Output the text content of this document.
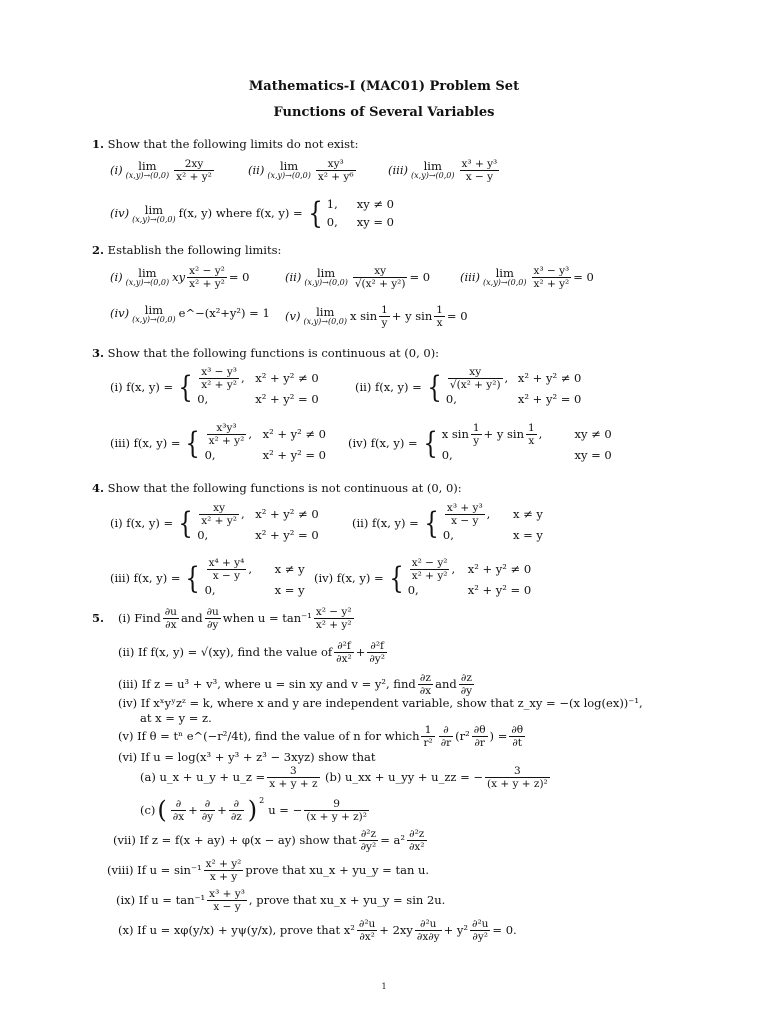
Mathematics-I (MAC01) Problem Set
Functions of Several Variables
1. Show that the following limits do not exist:
(i) lim
$(x,y)\to(0,0) \frac{2xy}{\text{x² + y²}}$	(ii) lim
$(x,y)\to(0,0) \frac{\text{xy³}}{\text{x² + y⁶}}$	(iii) lim
$(x,y)\to(0,0) \frac{\text{x³ + y³}}{x - y}$
(iv) lim
(x,y)→(0,0) f(x, y) where f(x, y) = { 1,	xy ≠ 0
0,	xy = 0
2. Establish the following limits:
(i) lim
(x,y)→(0,0) xy $\frac{\text{x² − y²}}{\text{x² + y²}} = 0$	(ii) lim
$(x,y)\to(0,0) \frac{xy}{\text{√(x² + y²)}} = 0$	(iii) lim
$(x,y)\to(0,0) \frac{\text{x³ − y³}}{\text{x² + y²}} = 0$
(iv) lim
(x,y)→(0,0) e^−(x²+y²) = 1 (v) lim
(x,y)→(0,0) x $\sin \frac{1}{y} + y$ $\sin \frac{1}{x} = 0$
3. Show that the following functions is continuous at (0, 0):
(i) f(x, y) = { $\frac{\text{x³ − y³}}{\text{x² + y²}}$ , x² + y² ≠ 0
0,	x² + y² = 0
(ii) f(x, y) = { $\frac{xy}{\text{√(x² + y²)}}$ , x² + y² ≠ 0
0,	x² + y² = 0
(iii) f(x, y) = { $\frac{\text{x³y³}}{\text{x² + y²}}$ , x² + y² ≠ 0
0,	x² + y² = 0
(iv) f(x, y) = { x $\sin \frac{1}{y} + y$ $\sin \frac{1}{x}$ ,	xy ≠ 0
0,	xy = 0
4. Show that the following functions is not continuous at (0, 0):
(i) f(x, y) = { $\frac{xy}{\text{x² + y²}}$ , x² + y² ≠ 0
0,	x² + y² = 0
(ii) f(x, y) = { $\frac{\text{x³ + y³}}{x - y}$ ,	x ≠ y
0,	x = y
(iii) f(x, y) = { $\frac{\text{x⁴ + y⁴}}{x - y}$ ,	x ≠ y
0,	x = y
(iv) f(x, y) = { $\frac{\text{x² − y²}}{\text{x² + y²}}$ ,	x² + y² ≠ 0
0,	x² + y² = 0
5.	(i) Find $\frac{\partial u}{\partial x}$ and $\frac{\partial u}{\partial y}$ when $u = \tan^{-1} \frac{\text{x² − y²}}{\text{x² + y²}}$
(ii) If f(x, y) = √(xy), find the value of $\frac{\text{∂²f}}{\text{∂x²}} + \frac{\text{∂²f}}{\text{∂y²}}$
(iii) If z = u³ + v³, where u = sin xy and v = y², find $\frac{\partial z}{\partial x}$ and $\frac{\partial z}{\partial y}$
(iv) If xˣyʸzᶻ = k, where x and y are independent variable, show that z_xy = −(x log(ex))⁻¹,
at x = y = z.
(v) If θ = tⁿ e^(−r²/4t), find the value of n for which $\frac{1}{\text{r²}} \frac{\partial}{\partial r} (r^2 \frac{\partial\theta}{\partial r}$ ) = $\frac{\partial\theta}{\partial t}$
(vi) If u = log(x³ + y³ + z³ − 3xyz) show that
(a) u_x + u_y + u_z = $\frac{3}{x + y + z} (b)$ u_xx + u_yy + u_zz = − $\frac{3}{\text{(x + y + z)²}}$
(c) ( $\frac{\partial}{\partial x} + \frac{\partial}{\partial y} + \frac{\partial}{\partial z}$ ) $^2$
u = − $\frac{9}{\text{(x + y + z)²}}$
(vii) If z = f(x + ay) + φ(x − ay) show that $\frac{\text{∂²z}}{\text{∂y²}} = a^2 \frac{\text{∂²z}}{\text{∂x²}}$
(viii) If $u = \sin^{-1} \frac{\text{x² + y²}}{x + y}$ prove that xu_x + yu_y = tan u.
(ix) If $u = \tan^{-1} \frac{\text{x³ + y³}}{x - y}$ , prove that xu_x + yu_y = sin 2u.
(x) If u = xφ(y/x) + yψ(y/x), prove that $x^2 \frac{\text{∂²u}}{\text{∂x²}} + 2xy \frac{\text{∂²u}}{\partial x\partial y} + y^2 \frac{\text{∂²u}}{\text{∂y²}} = 0$.
1
